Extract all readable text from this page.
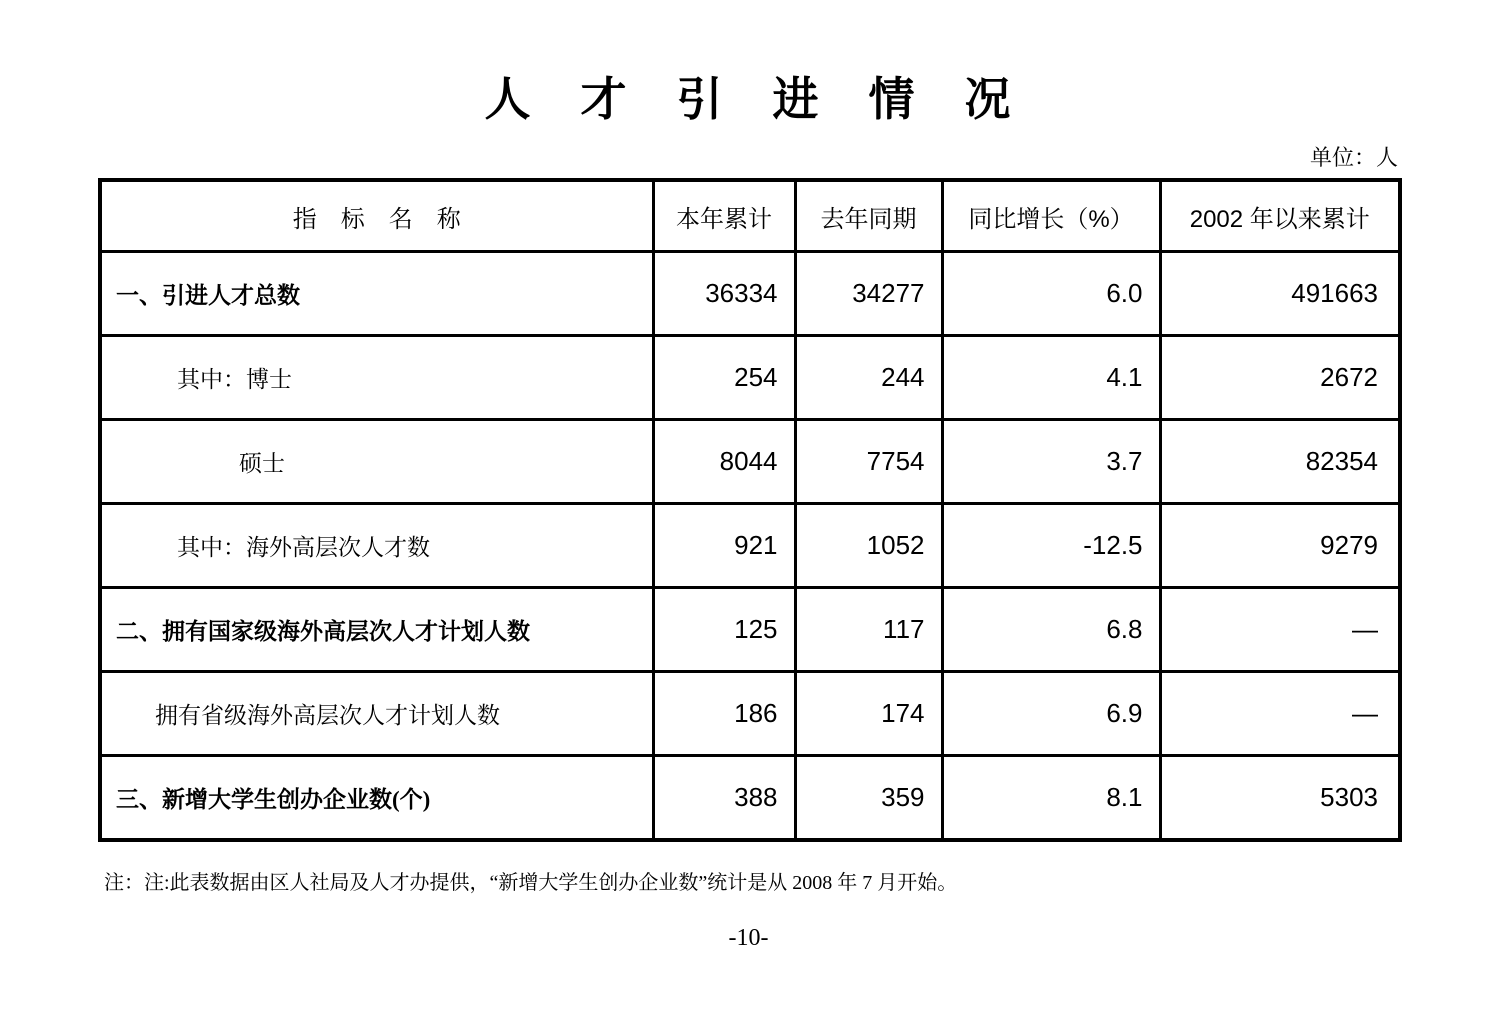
人　才　引　进　情　况
单位：人
指　标　名　称	本年累计	去年同期	同比增长（%）	2002 年以来累计
一、引进人才总数	36334	34277	6.0	491663
其中：博士	254	244	4.1	2672
硕士	8044	7754	3.7	82354
其中：海外高层次人才数	921	1052	-12.5	9279
二、拥有国家级海外高层次人才计划人数	125	117	6.8	—
拥有省级海外高层次人才计划人数	186	174	6.9	—
三、新增大学生创办企业数(个)	388	359	8.1	5303
注：注:此表数据由区人社局及人才办提供，“新增大学生创办企业数”统计是从 2008 年 7 月开始。
-10-
